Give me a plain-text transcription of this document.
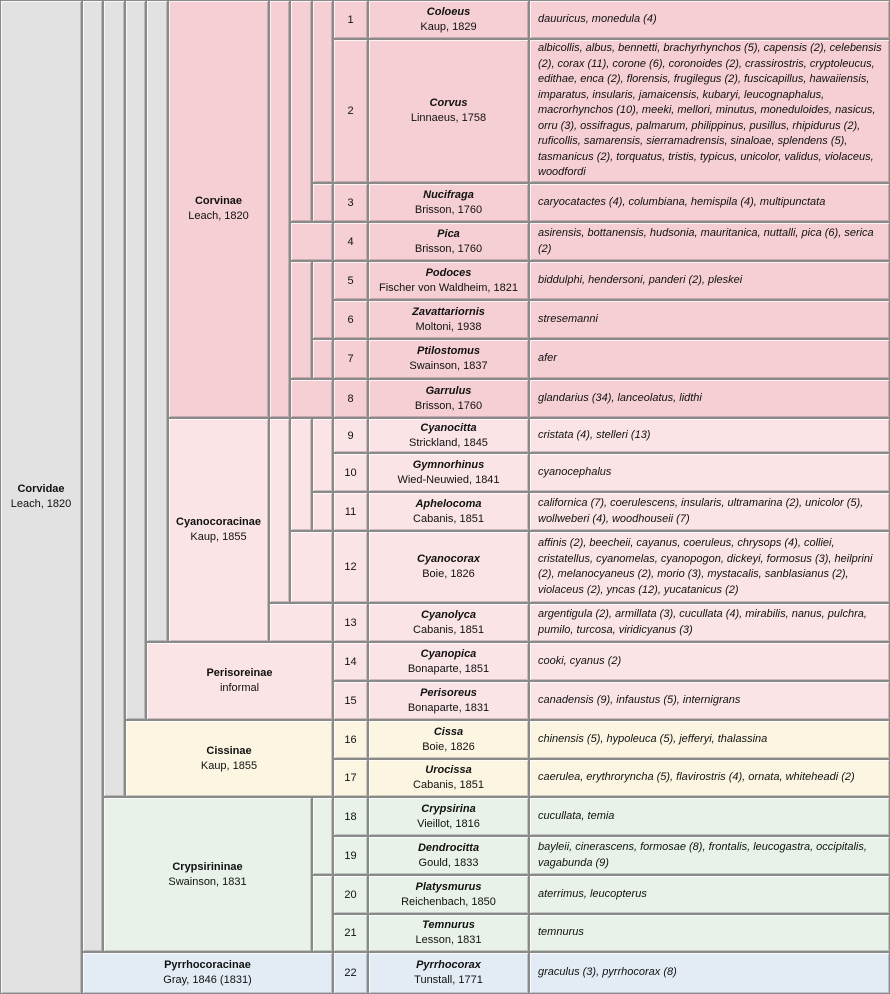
Corvidae
Leach, 1820
Corvinae
Leach, 1820
Cyanocoracinae
Kaup, 1855
Perisoreinae
informal
Cissinae
Kaup, 1855
Crypsirininae
Swainson, 1831
Pyrrhocoracinae
Gray, 1846 (1831)
1
Coloeus
Kaup, 1829
dauuricus, monedula (4)
2
Corvus
Linnaeus, 1758
albicollis, albus, bennetti, brachyrhynchos (5), capensis (2), celebensis (2), corax (11), corone (6), coronoides (2), crassirostris, cryptoleucus, edithae, enca (2), florensis, frugilegus (2), fuscicapillus, hawaiiensis, imparatus, insularis, jamaicensis, kubaryi, leucognaphalus, macrorhynchos (10), meeki, mellori, minutus, moneduloides, nasicus, orru (3), ossifragus, palmarum, philippinus, pusillus, rhipidurus (2), ruficollis, samarensis, sierramadrensis, sinaloae, splendens (5), tasmanicus (2), torquatus, tristis, typicus, unicolor, validus, violaceus, woodfordi
3
Nucifraga
Brisson, 1760
caryocatactes (4), columbiana, hemispila (4), multipunctata
4
Pica
Brisson, 1760
asirensis, bottanensis, hudsonia, mauritanica, nuttalli, pica (6), serica (2)
5
Podoces
Fischer von Waldheim, 1821
biddulphi, hendersoni, panderi (2), pleskei
6
Zavattariornis
Moltoni, 1938
stresemanni
7
Ptilostomus
Swainson, 1837
afer
8
Garrulus
Brisson, 1760
glandarius (34), lanceolatus, lidthi
9
Cyanocitta
Strickland, 1845
cristata (4), stelleri (13)
10
Gymnorhinus
Wied-Neuwied, 1841
cyanocephalus
11
Aphelocoma
Cabanis, 1851
californica (7), coerulescens, insularis, ultramarina (2), unicolor (5), wollweberi (4), woodhouseii (7)
12
Cyanocorax
Boie, 1826
affinis (2), beecheii, cayanus, coeruleus, chrysops (4), colliei, cristatellus, cyanomelas, cyanopogon, dickeyi, formosus (3), heilprini (2), melanocyaneus (2), morio (3), mystacalis, sanblasianus (2), violaceus (2), yncas (12), yucatanicus (2)
13
Cyanolyca
Cabanis, 1851
argentigula (2), armillata (3), cucullata (4), mirabilis, nanus, pulchra, pumilo, turcosa, viridicyanus (3)
14
Cyanopica
Bonaparte, 1851
cooki, cyanus (2)
15
Perisoreus
Bonaparte, 1831
canadensis (9), infaustus (5), internigrans
16
Cissa
Boie, 1826
chinensis (5), hypoleuca (5), jefferyi, thalassina
17
Urocissa
Cabanis, 1851
caerulea, erythroryncha (5), flavirostris (4), ornata, whiteheadi (2)
18
Crypsirina
Vieillot, 1816
cucullata, temia
19
Dendrocitta
Gould, 1833
bayleii, cinerascens, formosae (8), frontalis, leucogastra, occipitalis, vagabunda (9)
20
Platysmurus
Reichenbach, 1850
aterrimus, leucopterus
21
Temnurus
Lesson, 1831
temnurus
22
Pyrrhocorax
Tunstall, 1771
graculus (3), pyrrhocorax (8)
